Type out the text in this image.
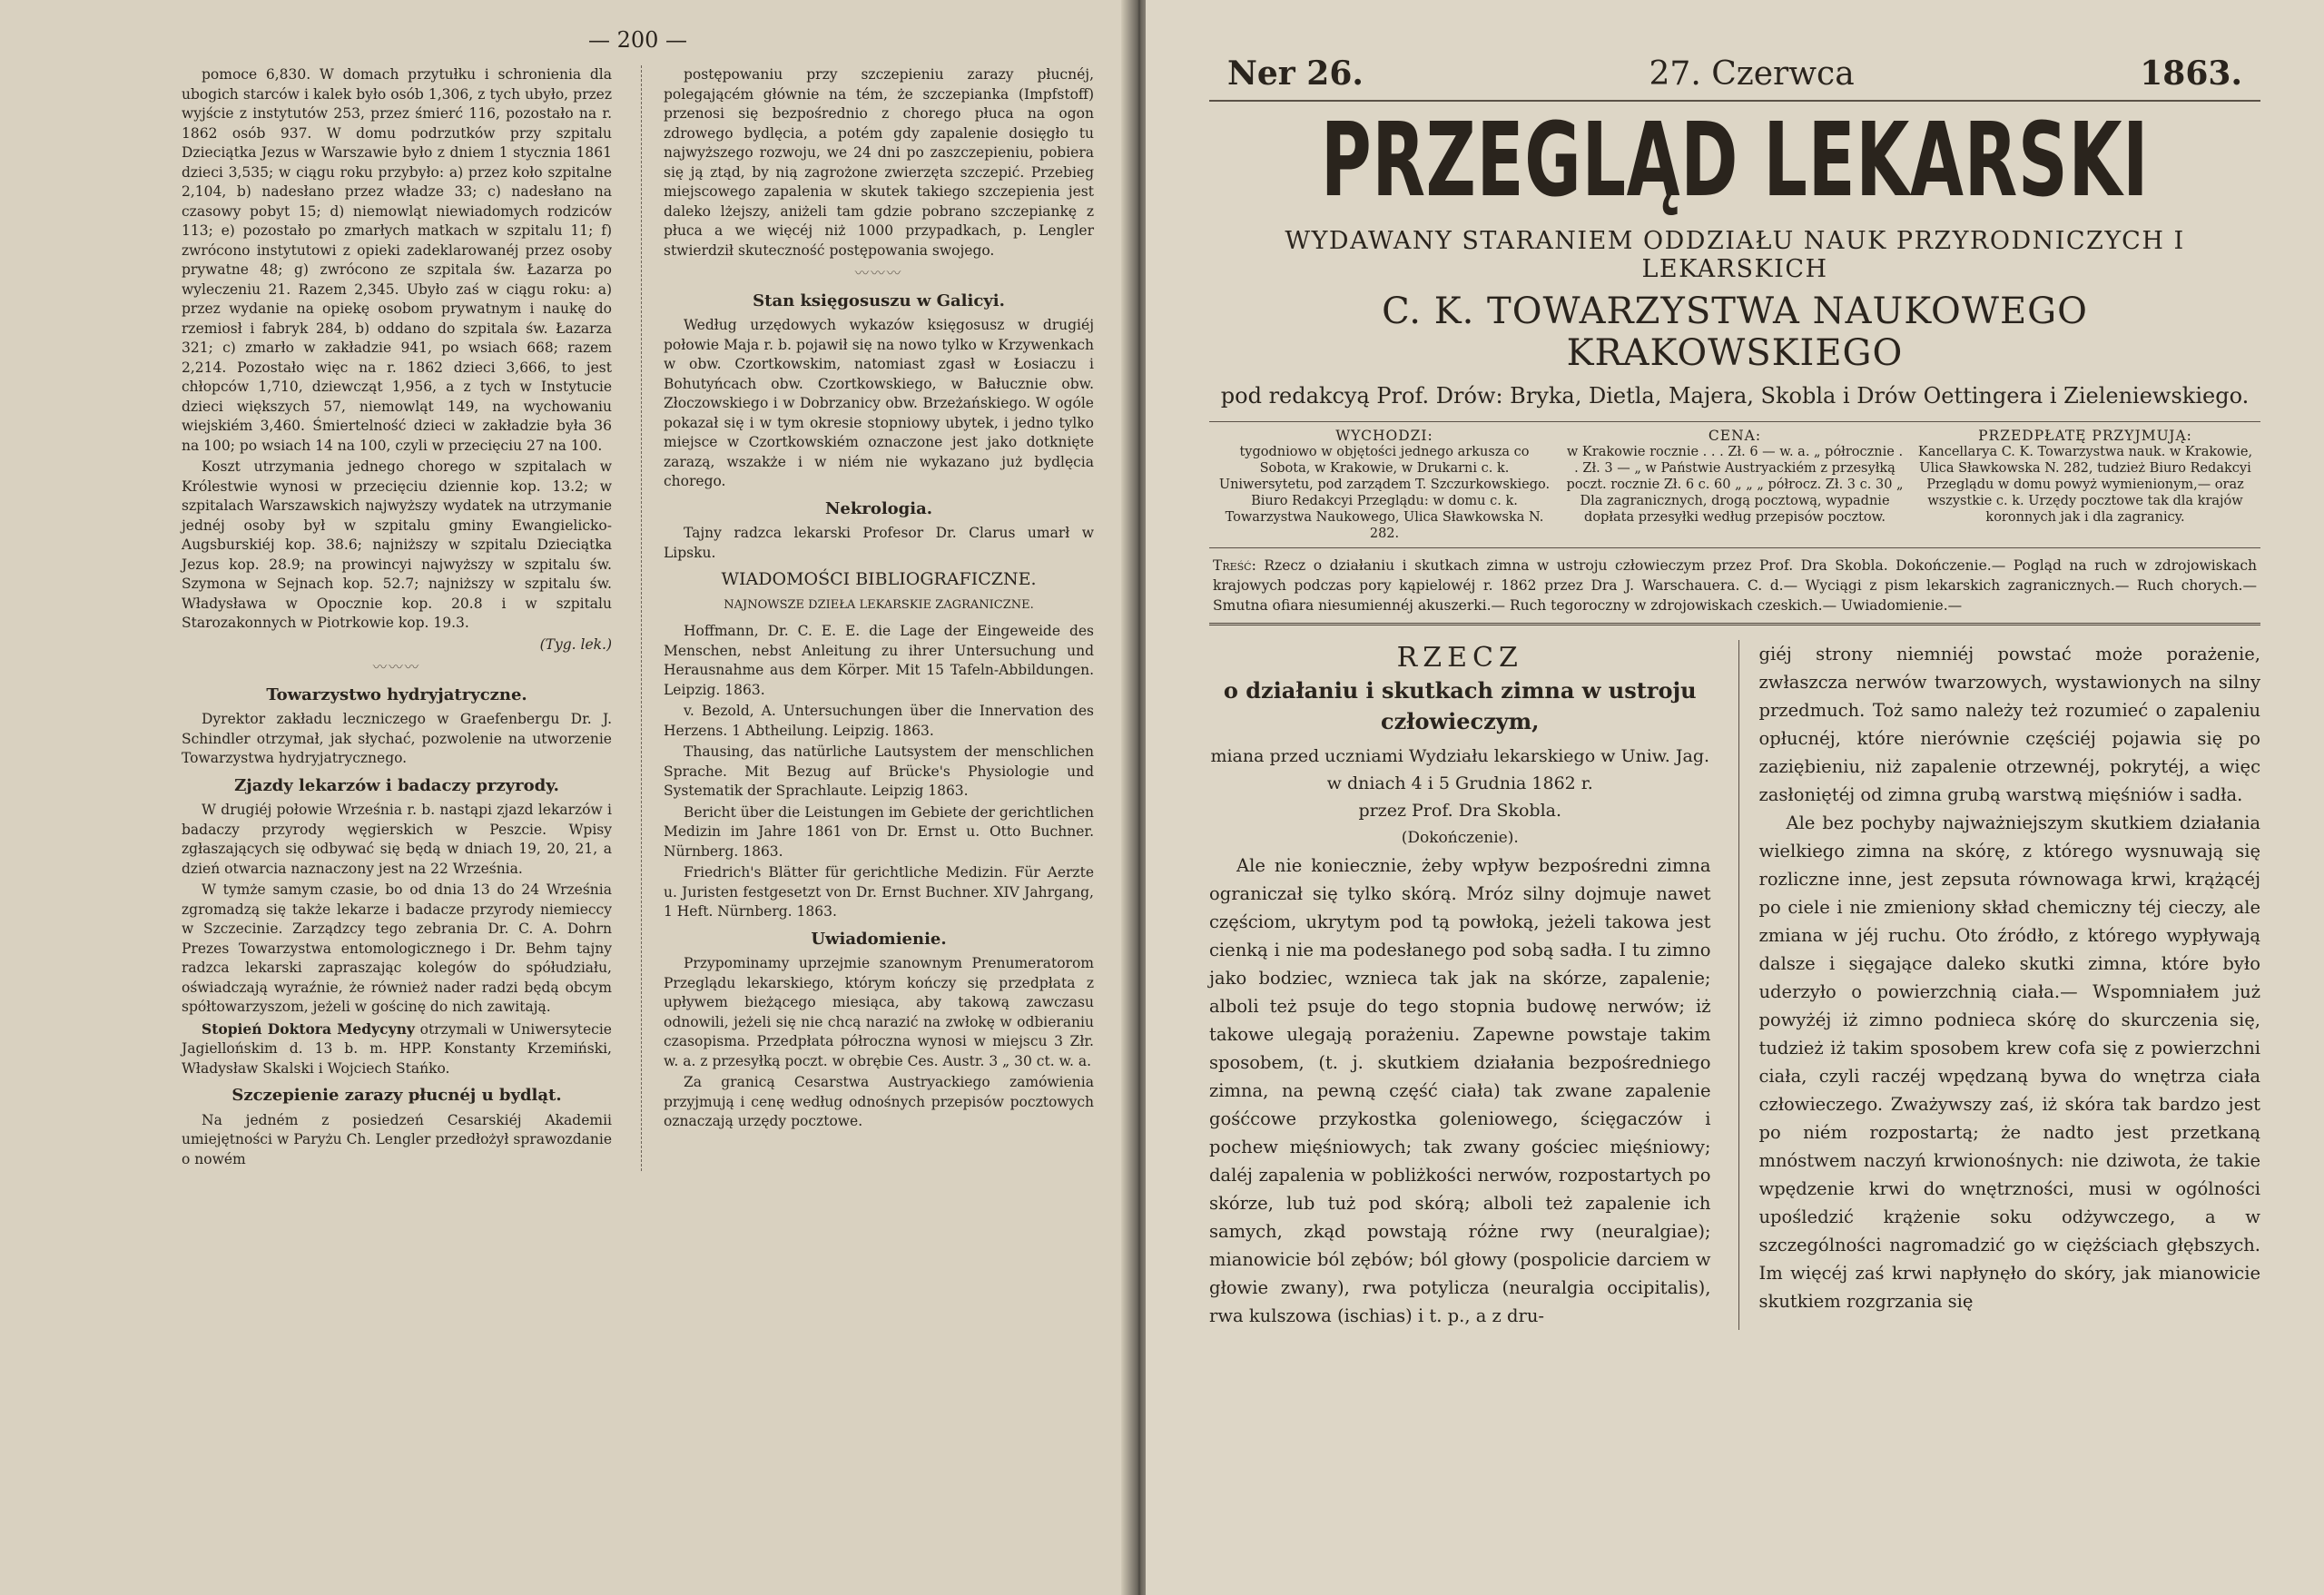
— 200 —

pomoce 6,830. W domach przytułku i schronienia dla ubogich starców i kalek było osób 1,306, z tych ubyło, przez wyjście z instytutów 253, przez śmierć 116, pozostało na r. 1862 osób 937. W domu podrzutków przy szpitalu Dzieciątka Jezus w Warszawie było z dniem 1 stycznia 1861 dzieci 3,535; w ciągu roku przybyło: a) przez koło szpitalne 2,104, b) nadesłano przez władze 33; c) nadesłano na czasowy pobyt 15; d) niemowląt niewiadomych rodziców 113; e) pozostało po zmarłych matkach w szpitalu 11; f) zwrócono instytutowi z opieki zadeklarowanéj przez osoby prywatne 48; g) zwrócono ze szpitala św. Łazarza po wyleczeniu 21. Razem 2,345. Ubyło zaś w ciągu roku: a) przez wydanie na opiekę osobom prywatnym i naukę do rzemiosł i fabryk 284, b) oddano do szpitala św. Łazarza 321; c) zmarło w zakładzie 941, po wsiach 668; razem 2,214. Pozostało więc na r. 1862 dzieci 3,666, to jest chłopców 1,710, dziewcząt 1,956, a z tych w Instytucie dzieci większych 57, niemowląt 149, na wychowaniu wiejskiém 3,460. Śmiertelność dzieci w zakładzie była 36 na 100; po wsiach 14 na 100, czyli w przecięciu 27 na 100.

Koszt utrzymania jednego chorego w szpitalach w Królestwie wynosi w przecięciu dziennie kop. 13.2; w szpitalach Warszawskich najwyższy wydatek na utrzymanie jednéj osoby był w szpitalu gminy Ewangielicko-Augsburskiéj kop. 38.6; najniższy w szpitalu Dzieciątka Jezus kop. 28.9; na prowincyi najwyższy w szpitalu św. Szymona w Sejnach kop. 52.7; najniższy w szpitalu św. Władysława w Opocznie kop. 20.8 i w szpitalu Starozakonnych w Piotrkowie kop. 19.3.

(Tyg. lek.)
〰〰〰
Towarzystwo hydryjatryczne.

Dyrektor zakładu leczniczego w Graefenbergu Dr. J. Schindler otrzymał, jak słychać, pozwolenie na utworzenie Towarzystwa hydryjatrycznego.

Zjazdy lekarzów i badaczy przyrody.

W drugiéj połowie Września r. b. nastąpi zjazd lekarzów i badaczy przyrody węgierskich w Peszcie. Wpisy zgłaszających się odbywać się będą w dniach 19, 20, 21, a dzień otwarcia naznaczony jest na 22 Września.

W tymże samym czasie, bo od dnia 13 do 24 Września zgromadzą się także lekarze i badacze przyrody niemieccy w Szczecinie. Zarządzcy tego zebrania Dr. C. A. Dohrn Prezes Towarzystwa entomologicznego i Dr. Behm tajny radzca lekarski zapraszając kolegów do spółudziału, oświadczają wyraźnie, że również nader radzi będą obcym spółtowarzyszom, jeżeli w gościnę do nich zawitają.

Stopień Doktora Medycyny otrzymali w Uniwersytecie Jagiellońskim d. 13 b. m. HPP. Konstanty Krzemiński, Władysław Skalski i Wojciech Stańko.

Szczepienie zarazy płucnéj u bydląt.

Na jedném z posiedzeń Cesarskiéj Akademii umiejętności w Paryżu Ch. Lengler przedłożył sprawozdanie o nowém

postępowaniu przy szczepieniu zarazy płucnéj, polegającém głównie na tém, że szczepianka (Impfstoff) przenosi się bezpośrednio z chorego płuca na ogon zdrowego bydlęcia, a potém gdy zapalenie dosięgło tu najwyższego rozwoju, we 24 dni po zaszczepieniu, pobiera się ją ztąd, by nią zagrożone zwierzęta szczepić. Przebieg miejscowego zapalenia w skutek takiego szczepienia jest daleko lżejszy, aniżeli tam gdzie pobrano szczepiankę z płuca a we więcéj niż 1000 przypadkach, p. Lengler stwierdził skuteczność postępowania swojego.

〰〰〰
Stan księgosuszu w Galicyi.

Według urzędowych wykazów księgosusz w drugiéj połowie Maja r. b. pojawił się na nowo tylko w Krzywenkach w obw. Czortkowskim, natomiast zgasł w Łosiaczu i Bohutyńcach obw. Czortkowskiego, w Bałucznie obw. Złoczowskiego i w Dobrzanicy obw. Brzeżańskiego. W ogóle pokazał się i w tym okresie stopniowy ubytek, i jedno tylko miejsce w Czortkowskiém oznaczone jest jako dotknięte zarazą, wszakże i w niém nie wykazano już bydlęcia chorego.

Nekrologia.

Tajny radzca lekarski Profesor Dr. Clarus umarł w Lipsku.

WIADOMOŚCI BIBLIOGRAFICZNE.
NAJNOWSZE DZIEŁA LEKARSKIE ZAGRANICZNE.

Hoffmann, Dr. C. E. E. die Lage der Eingeweide des Menschen, nebst Anleitung zu ihrer Untersuchung und Herausnahme aus dem Körper. Mit 15 Tafeln-Abbildungen. Leipzig. 1863.

v. Bezold, A. Untersuchungen über die Innervation des Herzens. 1 Abtheilung. Leipzig. 1863.

Thausing, das natürliche Lautsystem der menschlichen Sprache. Mit Bezug auf Brücke's Physiologie und Systematik der Sprachlaute. Leipzig 1863.

Bericht über die Leistungen im Gebiete der gerichtlichen Medizin im Jahre 1861 von Dr. Ernst u. Otto Buchner. Nürnberg. 1863.

Friedrich's Blätter für gerichtliche Medizin. Für Aerzte u. Juristen festgesetzt von Dr. Ernst Buchner. XIV Jahrgang, 1 Heft. Nürnberg. 1863.

Uwiadomienie.

Przypominamy uprzejmie szanownym Prenumeratorom Przeglądu lekarskiego, którym kończy się przedpłata z upływem bieżącego miesiąca, aby takową zawczasu odnowili, jeżeli się nie chcą narazić na zwłokę w odbieraniu czasopisma. Przedpłata półroczna wynosi w miejscu 3 Złr. w. a. z przesyłką poczt. w obrębie Ces. Austr. 3 „ 30 ct. w. a.

Za granicą Cesarstwa Austryackiego zamówienia przyjmują i cenę według odnośnych przepisów pocztowych oznaczają urzędy pocztowe.

Ner 26.	27. Czerwca	1863.
PRZEGLĄD LEKARSKI
WYDAWANY STARANIEM ODDZIAŁU NAUK PRZYRODNICZYCH I LEKARSKICH
C. K. TOWARZYSTWA NAUKOWEGO KRAKOWSKIEGO
pod redakcyą Prof. Drów: Bryka, Dietla, Majera, Skobla i Drów Oettingera i Zieleniewskiego.
WYCHODZI:
tygodniowo w objętości jednego arkusza co Sobota, w Krakowie, w Drukarni c. k. Uniwersytetu, pod zarządem T. Szczurkowskiego. Biuro Redakcyi Przeglądu: w domu c. k. Towarzystwa Naukowego, Ulica Sławkowska N. 282.
CENA:
w Krakowie rocznie . . . Zł. 6 — w. a. „ półrocznie . . Zł. 3 — „ w Państwie Austryackiém z przesyłką poczt. rocznie Zł. 6 c. 60 „ „ „ półrocz. Zł. 3 c. 30 „ Dla zagranicznych, drogą pocztową, wypadnie dopłata przesyłki według przepisów pocztow.
PRZEDPŁATĘ PRZYJMUJĄ:
Kancellarya C. K. Towarzystwa nauk. w Krakowie, Ulica Sławkowska N. 282, tudzież Biuro Redakcyi Przeglądu w domu powyż wymienionym,— oraz wszystkie c. k. Urzędy pocztowe tak dla krajów koronnych jak i dla zagranicy.
Treść: Rzecz o działaniu i skutkach zimna w ustroju człowieczym przez Prof. Dra Skobla. Dokończenie.— Pogląd na ruch w zdrojowiskach krajowych podczas pory kąpielowéj r. 1862 przez Dra J. Warschauera. C. d.— Wyciągi z pism lekarskich zagranicznych.— Ruch chorych.— Smutna ofiara niesumiennéj akuszerki.— Ruch tegoroczny w zdrojowiskach czeskich.— Uwiadomienie.—
RZECZ
o działaniu i skutkach zimna w ustroju człowieczym,
miana przed uczniami Wydziału lekarskiego w Uniw. Jag. w dniach 4 i 5 Grudnia 1862 r.
przez Prof. Dra Skobla.
(Dokończenie).

Ale nie koniecznie, żeby wpływ bezpośredni zimna ograniczał się tylko skórą. Mróz silny dojmuje nawet częściom, ukrytym pod tą powłoką, jeżeli takowa jest cienką i nie ma podesłanego pod sobą sadła. I tu zimno jako bodziec, wznieca tak jak na skórze, zapalenie; alboli też psuje do tego stopnia budowę nerwów; iż takowe ulegają porażeniu. Zapewne powstaje takim sposobem, (t. j. skutkiem działania bezpośredniego zimna, na pewną część ciała) tak zwane zapalenie gośćcowe przykostka goleniowego, ścięgaczów i pochew mięśniowych; tak zwany gościec mięśniowy; daléj zapalenia w pobliżkości nerwów, rozpostartych po skórze, lub tuż pod skórą; alboli też zapalenie ich samych, zkąd powstają różne rwy (neuralgiae); mianowicie ból zębów; ból głowy (pospolicie darciem w głowie zwany), rwa potylicza (neuralgia occipitalis), rwa kulszowa (ischias) i t. p., a z dru-

giéj strony niemniéj powstać może porażenie, zwłaszcza nerwów twarzowych, wystawionych na silny przedmuch. Toż samo należy też rozumieć o zapaleniu opłucnéj, które nierównie częściéj pojawia się po zaziębieniu, niż zapalenie otrzewnéj, pokrytéj, a więc zasłoniętéj od zimna grubą warstwą mięśniów i sadła.

Ale bez pochyby najważniejszym skutkiem działania wielkiego zimna na skórę, z którego wysnuwają się rozliczne inne, jest zepsuta równowaga krwi, krążącéj po ciele i nie zmieniony skład chemiczny téj cieczy, ale zmiana w jéj ruchu. Oto źródło, z którego wypływają dalsze i sięgające daleko skutki zimna, które było uderzyło o powierzchnią ciała.— Wspomniałem już powyżéj iż zimno podnieca skórę do skurczenia się, tudzież iż takim sposobem krew cofa się z powierzchni ciała, czyli raczéj wpędzaną bywa do wnętrza ciała człowieczego. Zważywszy zaś, iż skóra tak bardzo jest po niém rozpostartą; że nadto jest przetkaną mnóstwem naczyń krwionośnych: nie dziwota, że takie wpędzenie krwi do wnętrzności, musi w ogólności upośledzić krążenie soku odżywczego, a w szczególności nagromadzić go w ciężściach głębszych. Im więcéj zaś krwi napłynęło do skóry, jak mianowicie skutkiem rozgrzania się
